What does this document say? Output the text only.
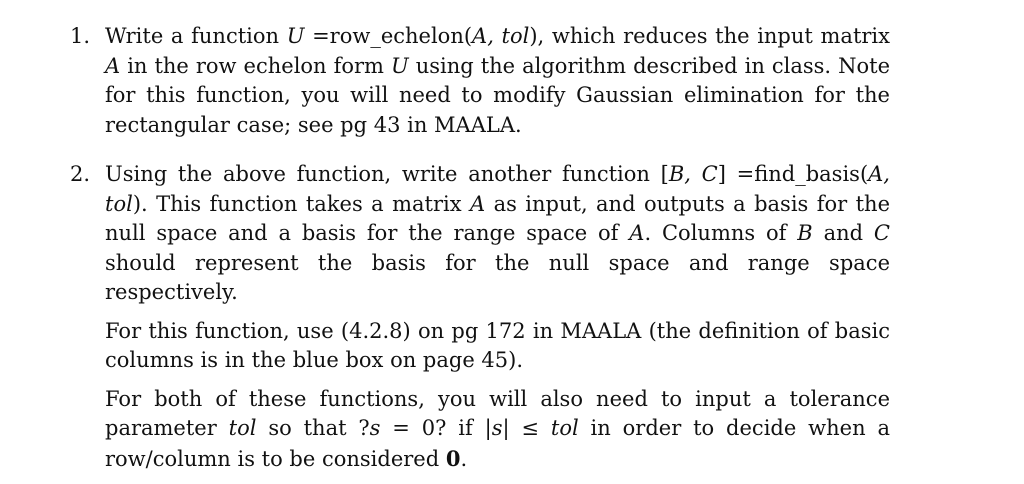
1. Write a function U =row_echelon(A, tol), which reduces the input matrix A in the row echelon form U using the algorithm described in class. Note for this function, you will need to modify Gaussian elimination for the rectangular case; see pg 43 in MAALA.

2. Using the above function, write another function [B, C] =find_basis(A, tol). This function takes a matrix A as input, and outputs a basis for the null space and a basis for the range space of A. Columns of B and C should represent the basis for the null space and range space respectively.

For this function, use (4.2.8) on pg 172 in MAALA (the definition of basic columns is in the blue box on page 45).

For both of these functions, you will also need to input a tolerance parameter tol so that ?s = 0? if |s| ≤ tol in order to decide when a row/column is to be considered 0.
